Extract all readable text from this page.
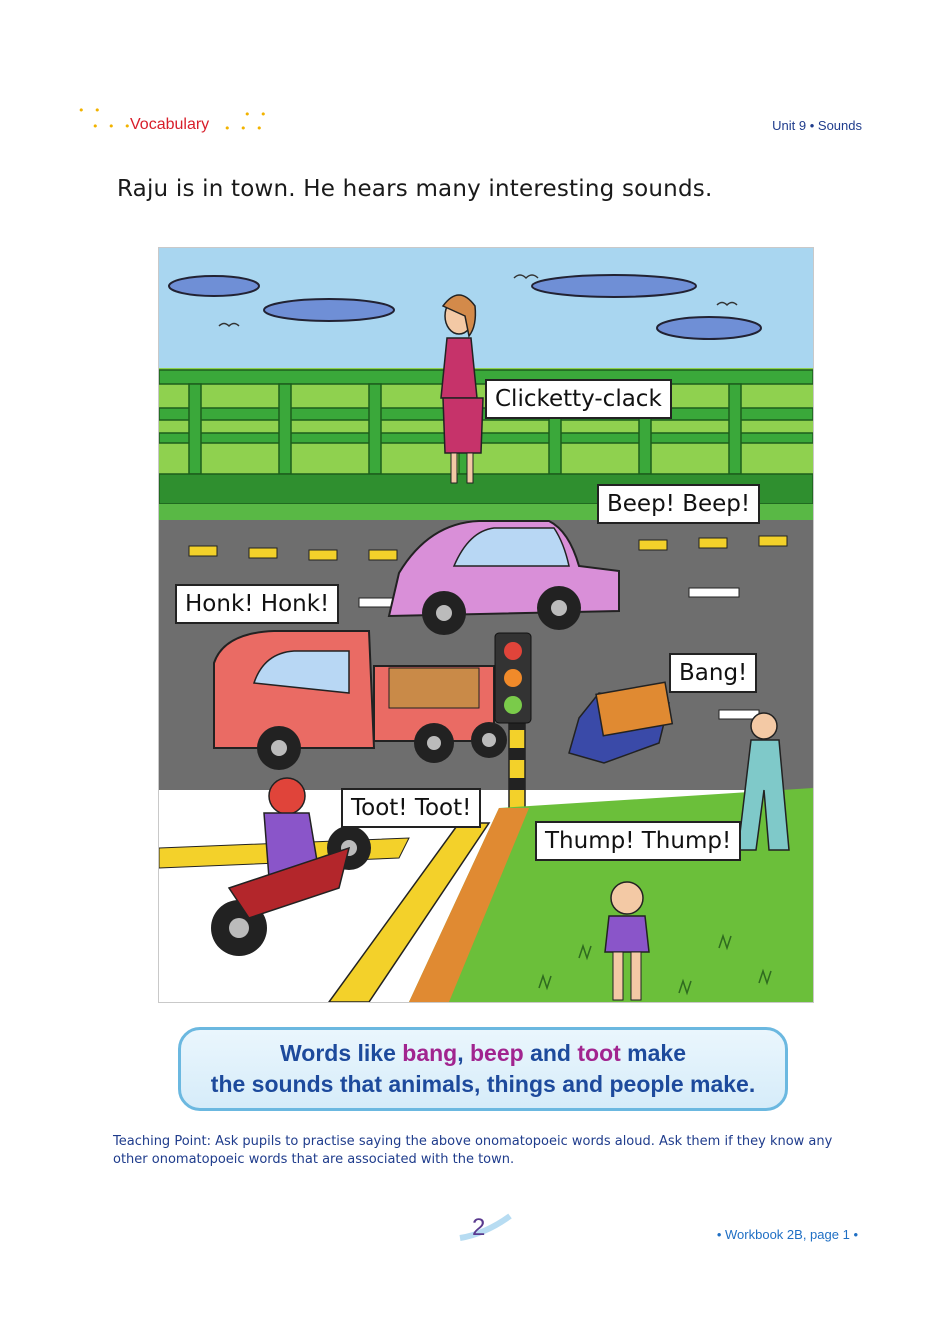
• •
• • •
Vocabulary • • •
• •
Unit 9 • Sounds
Raju is in town. He hears many interesting sounds.
Clicketty-clack
Beep! Beep!
Honk! Honk!
Bang!
Toot! Toot!
Thump! Thump!
Words like bang, beep and toot make
the sounds that animals, things and people make.
Teaching Point: Ask pupils to practise saying the above onomatopoeic words aloud. Ask them if they know any other onomatopoeic words that are associated with the town.
2	• Workbook 2B, page 1 •
